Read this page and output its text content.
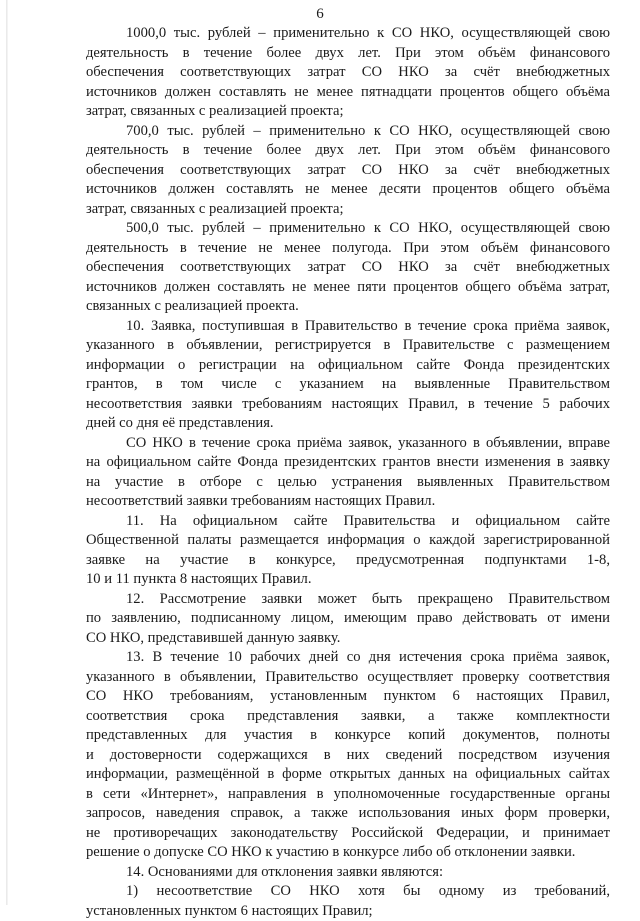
6
1000,0 тыс. рублей – применительно к СО НКО, осуществляющей свою
деятельность в течение более двух лет. При этом объём финансового
обеспечения соответствующих затрат СО НКО за счёт внебюджетных
источников должен составлять не менее пятнадцати процентов общего объёма
затрат, связанных с реализацией проекта;
700,0 тыс. рублей – применительно к СО НКО, осуществляющей свою
деятельность в течение более двух лет. При этом объём финансового
обеспечения соответствующих затрат СО НКО за счёт внебюджетных
источников должен составлять не менее десяти процентов общего объёма
затрат, связанных с реализацией проекта;
500,0 тыс. рублей – применительно к СО НКО, осуществляющей свою
деятельность в течение не менее полугода. При этом объём финансового
обеспечения соответствующих затрат СО НКО за счёт внебюджетных
источников должен составлять не менее пяти процентов общего объёма затрат,
связанных с реализацией проекта.
10. Заявка, поступившая в Правительство в течение срока приёма заявок,
указанного в объявлении, регистрируется в Правительстве с размещением
информации о регистрации на официальном сайте Фонда президентских
грантов, в том числе с указанием на выявленные Правительством
несоответствия заявки требованиям настоящих Правил, в течение 5 рабочих
дней со дня её представления.
СО НКО в течение срока приёма заявок, указанного в объявлении, вправе
на официальном сайте Фонда президентских грантов внести изменения в заявку
на участие в отборе с целью устранения выявленных Правительством
несоответствий заявки требованиям настоящих Правил.
11. На официальном сайте Правительства и официальном сайте
Общественной палаты размещается информация о каждой зарегистрированной
заявке на участие в конкурсе, предусмотренная подпунктами 1-8,
10 и 11 пункта 8 настоящих Правил.
12. Рассмотрение заявки может быть прекращено Правительством
по заявлению, подписанному лицом, имеющим право действовать от имени
СО НКО, представившей данную заявку.
13. В течение 10 рабочих дней со дня истечения срока приёма заявок,
указанного в объявлении, Правительство осуществляет проверку соответствия
СО НКО требованиям, установленным пунктом 6 настоящих Правил,
соответствия срока представления заявки, а также комплектности
представленных для участия в конкурсе копий документов, полноты
и достоверности содержащихся в них сведений посредством изучения
информации, размещённой в форме открытых данных на официальных сайтах
в сети «Интернет», направления в уполномоченные государственные органы
запросов, наведения справок, а также использования иных форм проверки,
не противоречащих законодательству Российской Федерации, и принимает
решение о допуске СО НКО к участию в конкурсе либо об отклонении заявки.
14. Основаниями для отклонения заявки являются:
1) несоответствие СО НКО хотя бы одному из требований,
установленных пунктом 6 настоящих Правил;
